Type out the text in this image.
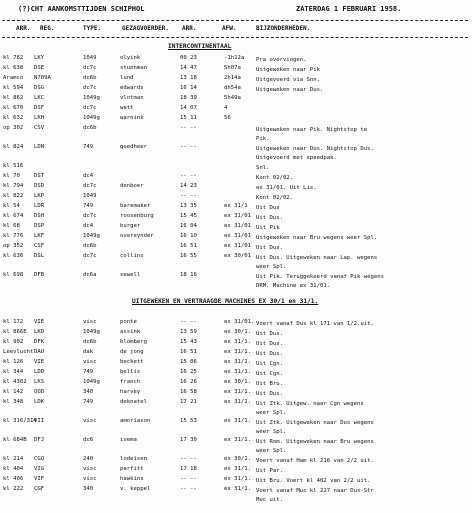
(?)CHT AANKOMSTTIJDEN SCHIPHOL	ZATERDAG 1 FEBRUARI 1958.
ARR. REG.	TYPE.	GEZAGVOERDER. ARR.	AFW.	BIJZONDERHEDEN.
INTERCONTINENTAAL
kl 782 LKY	1049	olyink	00 23	-1h12a Pra overviogen.
kl 638 DSE	dc7c	stunnman	14 47	5h07a	Uitgeweken naar Pik
Aramco N709A	dc6b	lund	13 18	2h14a	Uitgevoerd via Snn.
kl 594 DSG	dc7c	edwards	16 14	dh54a	Uitgeweken naar Dus.
kl 862 LKC	1049g	vlotman	18 39	5h49a
kl 670 DSF	dc7c	watt	14 07	4
kl 632 LKH	1049g	warnink	15 11	56
op 302 CSV	dc6b	-- --	Uitgeweken naar Pik. Nightstop te
Pik.
kl 824 LDN	749	goedheer	-- --	Uitgeweken naar Dus. Nightstop Dus.
Uitgevoerd met speedpak.
kl 516	Snl.
kl 70	DST	dc4	-- --	Kont 02/02.
kl 794 DSD	dc7c	denboer	14 23	ex 31/01. Uit Lis.
kl 822 LKP	1049	-- --	Kont 02/02.
kl 54	LDR	749	baremaker	13 35	ex 31/1 Uit Dus
kl 674 DSH	dc7c	roosenburg	15 45	ex 31/01 Uit Dus.
kl 68	DSP	dc4	burger	16 04	ex 31/01 Uit Pik
kl 776 LKF	1049g	overeynder	16 10	ex 31/01 Uitgeweken naar Bru wegens weer Spl.
op 352 CSF	dc6b	16 51	ex 31/01 Uit Dus.
kl 636 DSL	dc7c	collins	16 55	ex 30/01 Uit Dus. Uitgeweken naar Lap. wegens
weer Spl.
kl 698 DFB	dc6a	sewell	18 16	Uit Pik. Teruggekeerd vanaf Pik wegens
DRM. Machine ex 31/01.
UITGEWEKEN EN VERTRAAGDE MACHINES EX 30/1 en 31/1.
kl 172 VIE	visc	ponte	-- --	ex 31/01. Voert vanaf Dus kl 171 van 1/2.uit.
kl 866E LKD	1049g	assink	13 59	ex 30/1. Uit Dus.
kl 902 DFK	dc6b	blomberg	15 43	ex 31/1. Uit Dus.
Leevlucht DAU	dak	de jong	16 51	ex 31/1. Uit Dus.
kl 126 VIE	visc	beckett	15 06	ex 31/1. Uit Cgn.
kl 344 LDD	749	bellis	16 25	ex 31/1. Uit Cgn.
kl 4302 LKS	1049g	franch	16 26	ex 30/1. Uit Bru.
kl 142 OOD	340	harvey	16 58	ex 31/1. Uit Dus.
kl 348 LDK	749	deknatel	17 21	ex 31/1. Uit Ztk. Uitgew. naar Cgn wegens
weer Spl.
kl 316/314
VII	visc	amoriason	15 53	ex 31/1. Uit Ztk. Uitgeweken naar Dus wegens
weer Spl.
kl 684B DFJ	dc6	ivema	17 30	ex 31/1. Uit Rom. Uitgeweken naar Bru wegens
weer Spl.
kl 214 CGQ	240	lodeisen	-- --	ex 30/1. Voert vanaf Ham kl 216 van 2/2 uit.
kl 404 VIG	visc	parfitt	17 18	ex 31/1. Uit Par.
kl 406 VIF	visc	hawkins	-- --	ex 31/1. Uit Bru. Voert kl 402 van 2/2 uit.
kl 222 CGF	340	v. keppel	-- --	ex 31/1. Voert vanaf Muc kl 227 naar Dus-Str
Muc uit.
